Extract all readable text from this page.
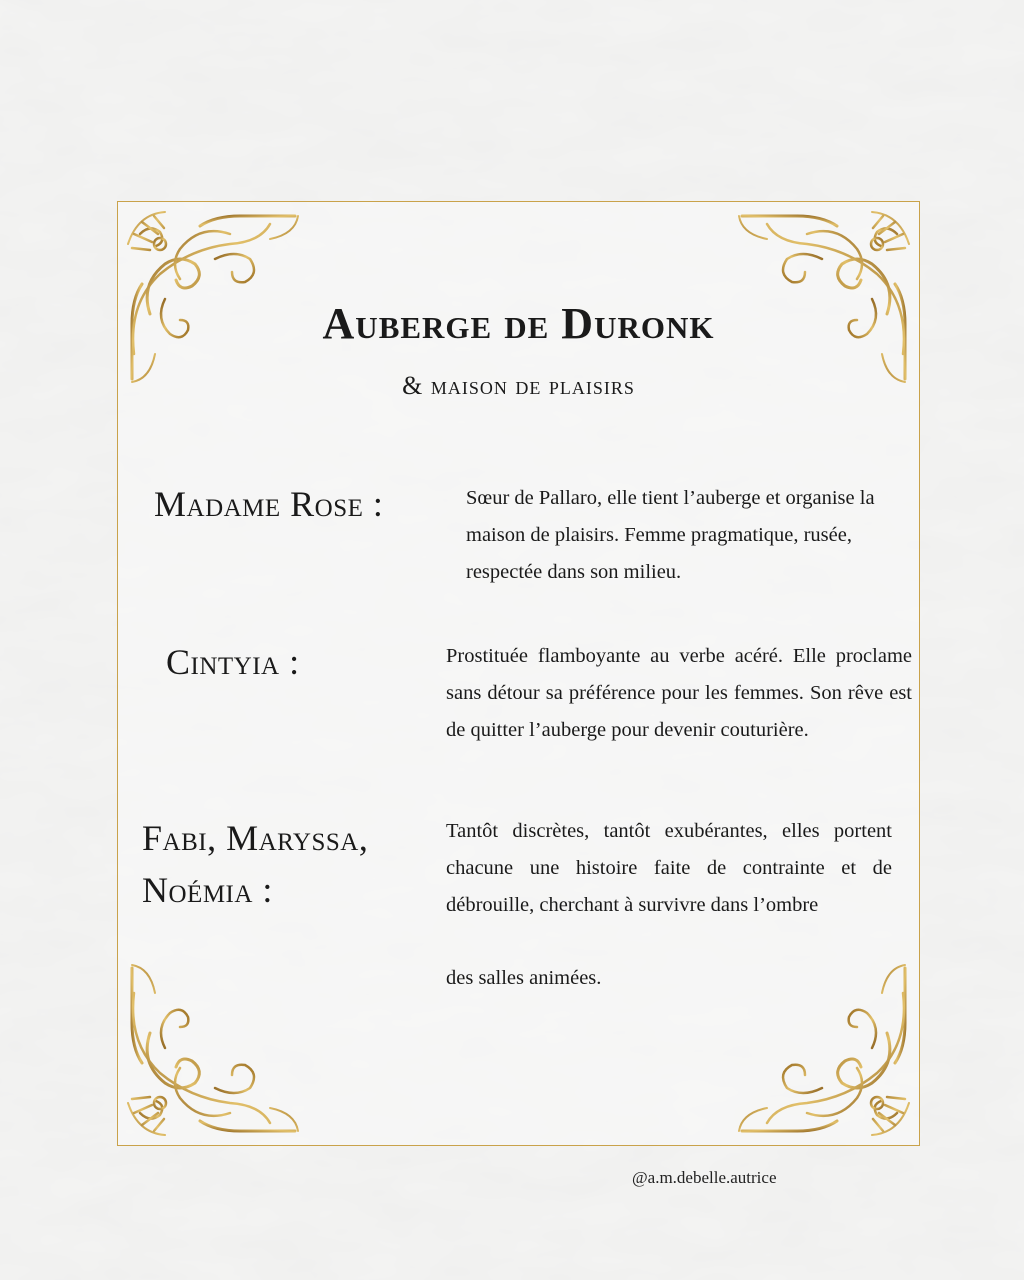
Auberge de Duronk
& maison de plaisirs
Madame Rose :	Sœur de Pallaro, elle tient l’auberge et organise la maison de plaisirs. Femme pragmatique, rusée, respectée dans son milieu.
Cintyia :	Prostituée flamboyante au verbe acéré. Elle proclame sans détour sa préférence pour les femmes. Son rêve est de quitter l’auberge pour devenir couturière.
Fabi, Maryssa,
Noémia :
Tantôt discrètes, tantôt exubérantes, elles portent chacune une histoire faite de contrainte et de débrouille, cherchant à survivre dans l’ombre
des salles animées.
@a.m.debelle.autrice
